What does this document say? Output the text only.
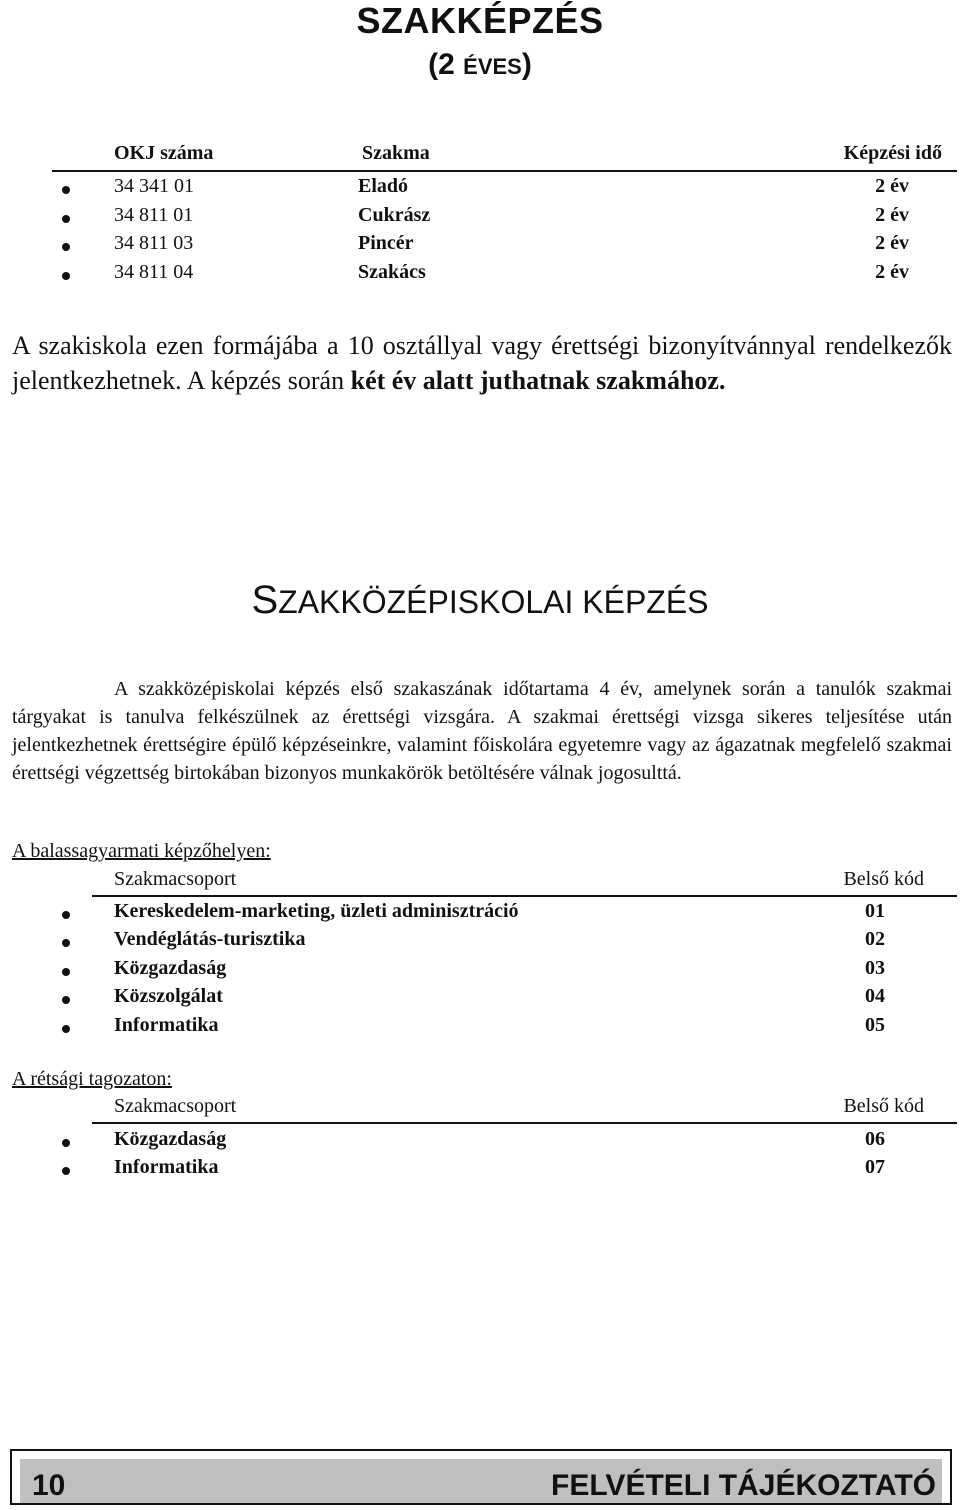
SZAKKÉPZÉS
(2 ÉVES)
OKJ száma	Szakma	Képzési idő
34 341 01	Eladó	2 év
34 811 01	Cukrász	2 év
34 811 03	Pincér	2 év
34 811 04	Szakács	2 év

A szakiskola ezen formájába a 10 osztállyal vagy érettségi bizonyítvánnyal rendelkezők jelentkezhetnek. A képzés során két év alatt juthatnak szakmához.

SZAKKÖZÉPISKOLAI KÉPZÉS

A szakközépiskolai képzés első szakaszának időtartama 4 év, amelynek során a tanulók szakmai tárgyakat is tanulva felkészülnek az érettségi vizsgára. A szakmai érettségi vizsga sikeres teljesítése után jelentkezhetnek érettségire épülő képzéseinkre, valamint főiskolára egyetemre vagy az ágazatnak megfelelő szakmai érettségi végzettség birtokában bizonyos munkakörök betöltésére válnak jogosulttá.

A balassagyarmati képzőhelyen:
Szakmacsoport	Belső kód
Kereskedelem-marketing, üzleti adminisztráció	01
Vendéglátás-turisztika	02
Közgazdaság	03
Közszolgálat	04
Informatika	05
A rétsági tagozaton:
Szakmacsoport	Belső kód
Közgazdaság	06
Informatika	07
10	FELVÉTELI TÁJÉKOZTATÓ
